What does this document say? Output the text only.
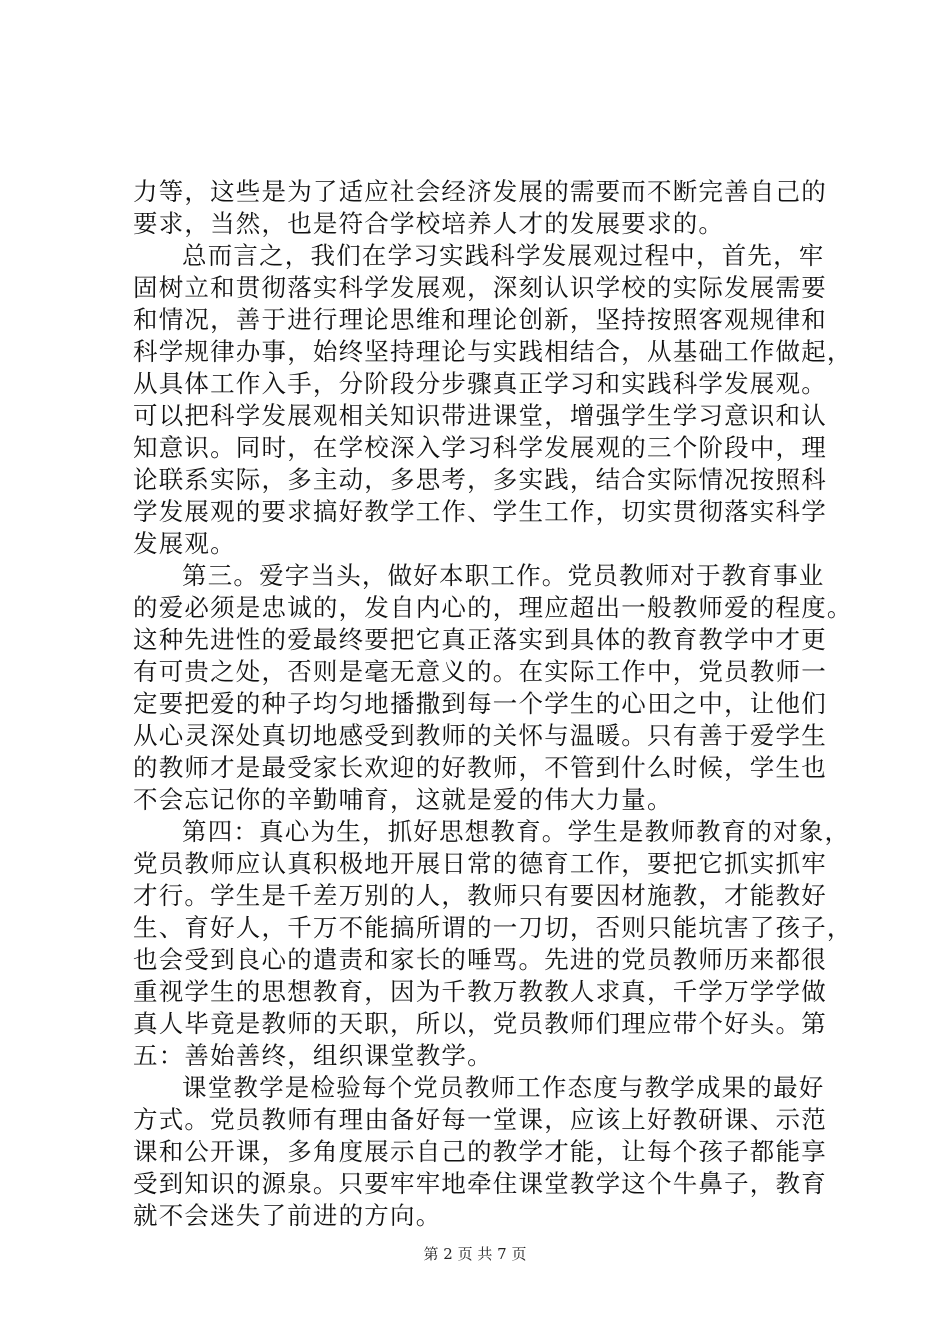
力等，这些是为了适应社会经济发展的需要而不断完善自己的
要求，当然，也是符合学校培养人才的发展要求的。
总而言之，我们在学习实践科学发展观过程中，首先，牢
固树立和贯彻落实科学发展观，深刻认识学校的实际发展需要
和情况，善于进行理论思维和理论创新，坚持按照客观规律和
科学规律办事，始终坚持理论与实践相结合，从基础工作做起，
从具体工作入手，分阶段分步骤真正学习和实践科学发展观。
可以把科学发展观相关知识带进课堂，增强学生学习意识和认
知意识。同时，在学校深入学习科学发展观的三个阶段中，理
论联系实际，多主动，多思考，多实践，结合实际情况按照科
学发展观的要求搞好教学工作、学生工作，切实贯彻落实科学
发展观。
第三。爱字当头，做好本职工作。党员教师对于教育事业
的爱必须是忠诚的，发自内心的，理应超出一般教师爱的程度。
这种先进性的爱最终要把它真正落实到具体的教育教学中才更
有可贵之处，否则是毫无意义的。在实际工作中，党员教师一
定要把爱的种子均匀地播撒到每一个学生的心田之中，让他们
从心灵深处真切地感受到教师的关怀与温暖。只有善于爱学生
的教师才是最受家长欢迎的好教师，不管到什么时候，学生也
不会忘记你的辛勤哺育，这就是爱的伟大力量。
第四：真心为生，抓好思想教育。学生是教师教育的对象，
党员教师应认真积极地开展日常的德育工作，要把它抓实抓牢
才行。学生是千差万别的人，教师只有要因材施教，才能教好
生、育好人，千万不能搞所谓的一刀切，否则只能坑害了孩子，
也会受到良心的遣责和家长的唾骂。先进的党员教师历来都很
重视学生的思想教育，因为千教万教教人求真，千学万学学做
真人毕竟是教师的天职，所以，党员教师们理应带个好头。第
五：善始善终，组织课堂教学。
课堂教学是检验每个党员教师工作态度与教学成果的最好
方式。党员教师有理由备好每一堂课，应该上好教研课、示范
课和公开课，多角度展示自己的教学才能，让每个孩子都能享
受到知识的源泉。只要牢牢地牵住课堂教学这个牛鼻子，教育
就不会迷失了前进的方向。
第 2 页 共 7 页
